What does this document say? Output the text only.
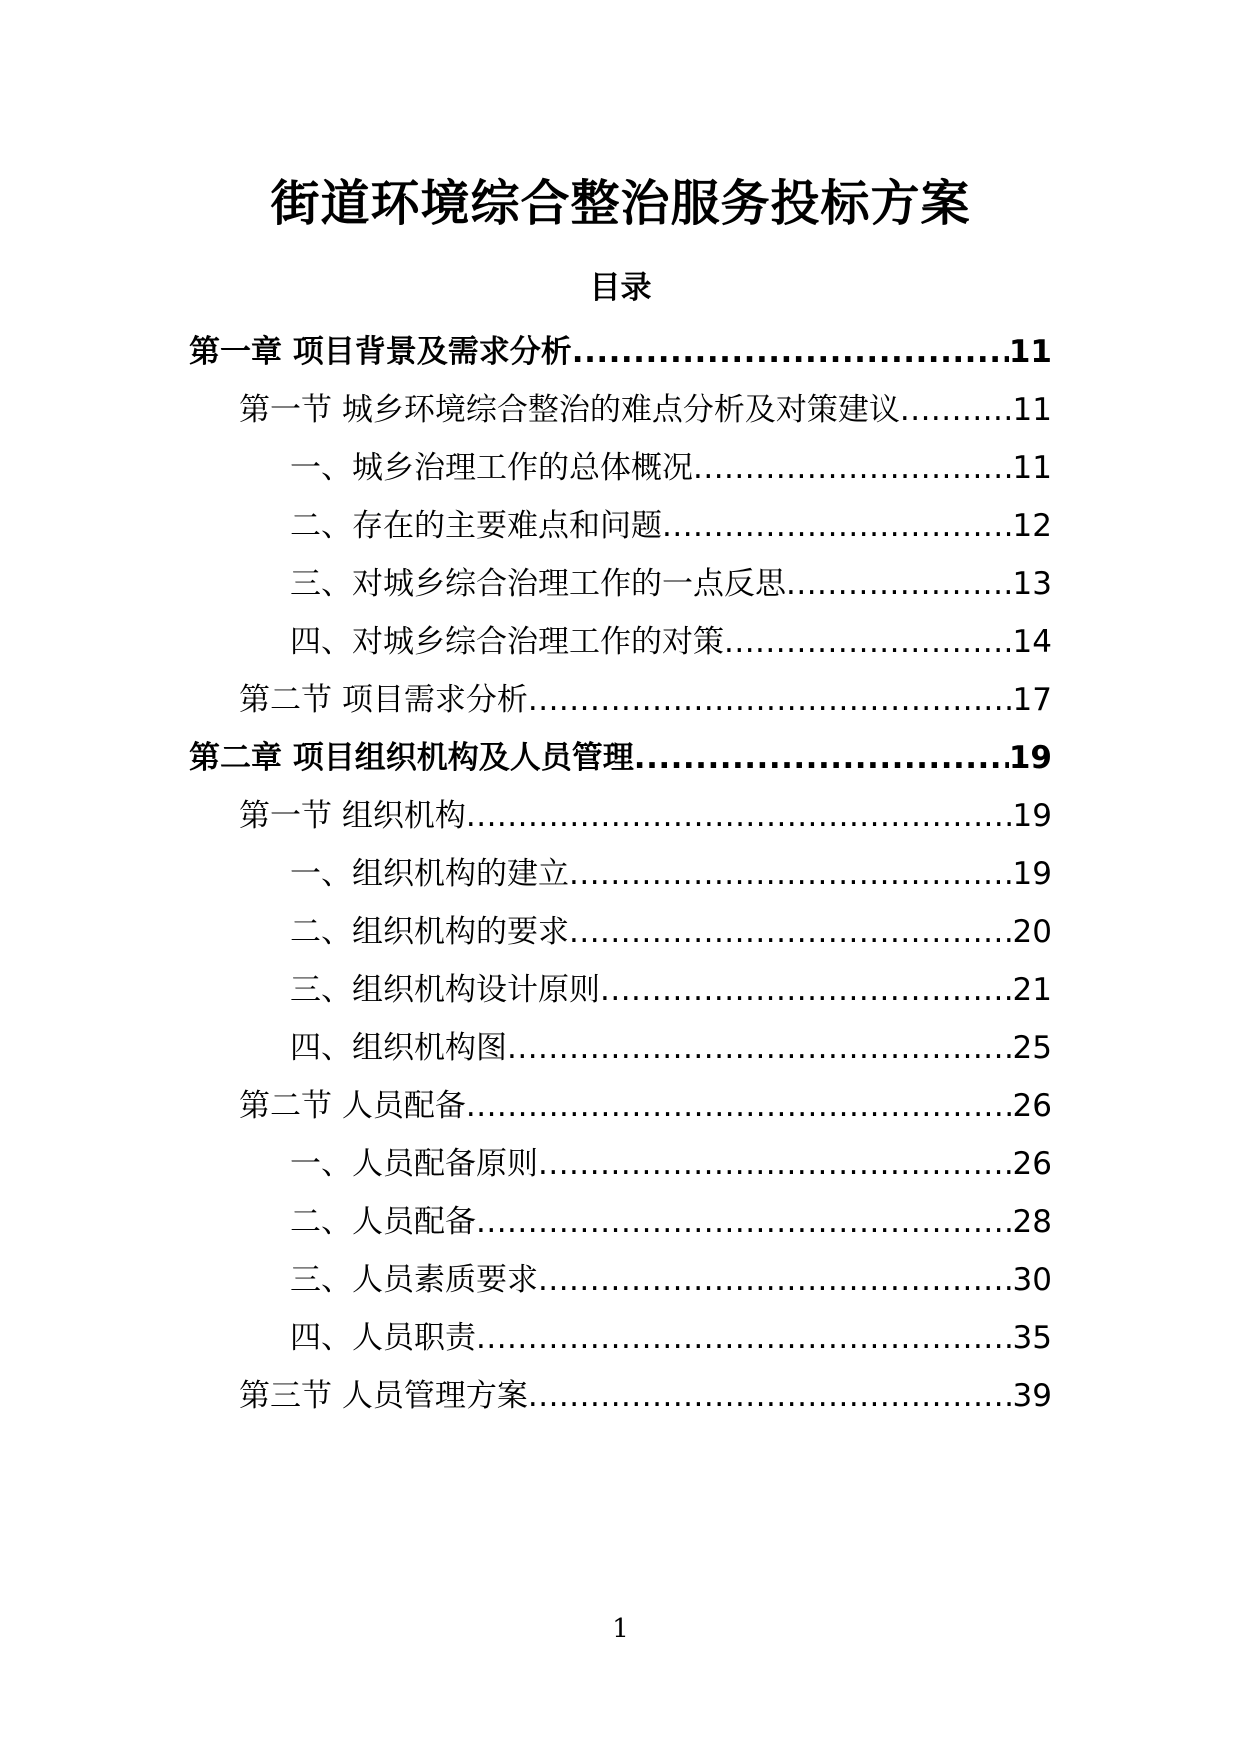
街道环境综合整治服务投标方案
目录
第一章 项目背景及需求分析 .....	11
第一节 城乡环境综合整治的难点分析及对策建议 .....	11
一、城乡治理工作的总体概况 .....	11
二、存在的主要难点和问题 .....	12
三、对城乡综合治理工作的一点反思 .....	13
四、对城乡综合治理工作的对策 .....	14
第二节 项目需求分析 .....	17
第二章 项目组织机构及人员管理 .....	19
第一节 组织机构 .....	19
一、组织机构的建立 .....	19
二、组织机构的要求 .....	20
三、组织机构设计原则 .....	21
四、组织机构图 .....	25
第二节 人员配备 .....	26
一、人员配备原则 .....	26
二、人员配备 .....	28
三、人员素质要求 .....	30
四、人员职责 .....	35
第三节 人员管理方案 .....	39

1
